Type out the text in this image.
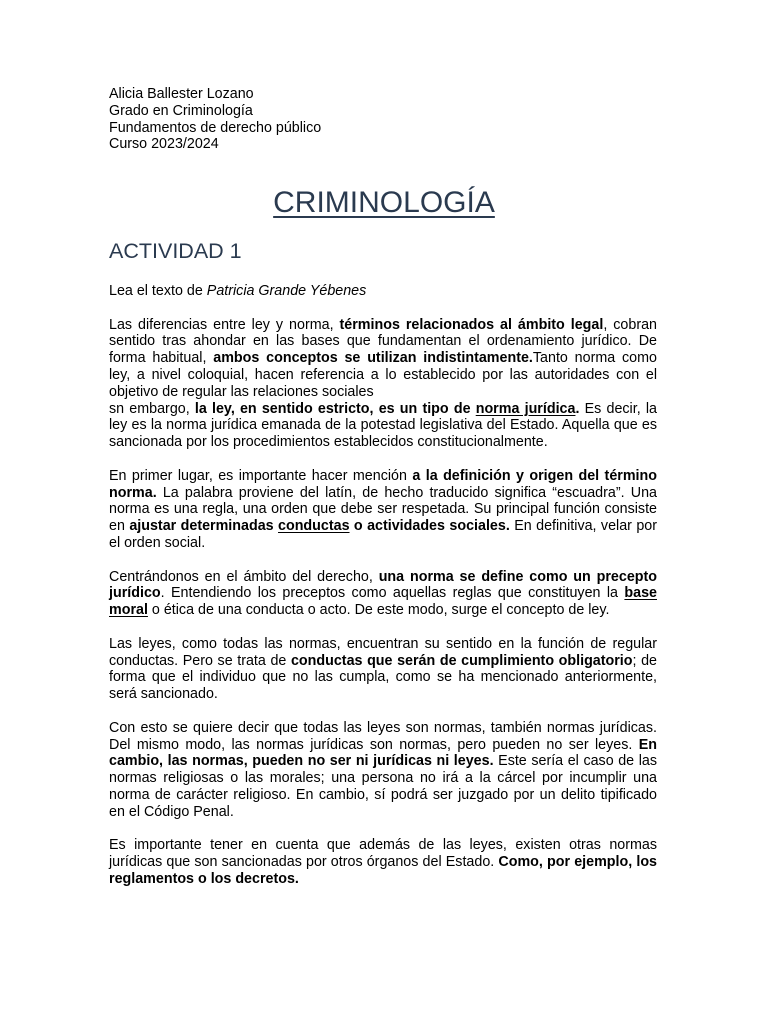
Alicia Ballester Lozano
Grado en Criminología
Fundamentos de derecho público
Curso 2023/2024
CRIMINOLOGÍA
ACTIVIDAD 1

Lea el texto de Patricia Grande Yébenes

Las diferencias entre ley y norma, términos relacionados al ámbito legal, cobran sentido tras ahondar en las bases que fundamentan el ordenamiento jurídico. De forma habitual, ambos conceptos se utilizan indistintamente.Tanto norma como ley, a nivel coloquial, hacen referencia a lo establecido por las autoridades con el objetivo de regular las relaciones sociales

sn embargo, la ley, en sentido estricto, es un tipo de norma jurídica. Es decir, la ley es la norma jurídica emanada de la potestad legislativa del Estado. Aquella que es sancionada por los procedimientos establecidos constitucionalmente.

En primer lugar, es importante hacer mención a la definición y origen del término norma. La palabra proviene del latín, de hecho traducido significa “escuadra”. Una norma es una regla, una orden que debe ser respetada. Su principal función consiste en ajustar determinadas conductas o actividades sociales. En definitiva, velar por el orden social.

Centrándonos en el ámbito del derecho, una norma se define como un precepto jurídico. Entendiendo los preceptos como aquellas reglas que constituyen la base moral o ética de una conducta o acto. De este modo, surge el concepto de ley.

Las leyes, como todas las normas, encuentran su sentido en la función de regular conductas. Pero se trata de conductas que serán de cumplimiento obligatorio; de forma que el individuo que no las cumpla, como se ha mencionado anteriormente, será sancionado.

Con esto se quiere decir que todas las leyes son normas, también normas jurídicas. Del mismo modo, las normas jurídicas son normas, pero pueden no ser leyes. En cambio, las normas, pueden no ser ni jurídicas ni leyes. Este sería el caso de las normas religiosas o las morales; una persona no irá a la cárcel por incumplir una norma de carácter religioso. En cambio, sí podrá ser juzgado por un delito tipificado en el Código Penal.

Es importante tener en cuenta que además de las leyes, existen otras normas jurídicas que son sancionadas por otros órganos del Estado. Como, por ejemplo, los reglamentos o los decretos.
